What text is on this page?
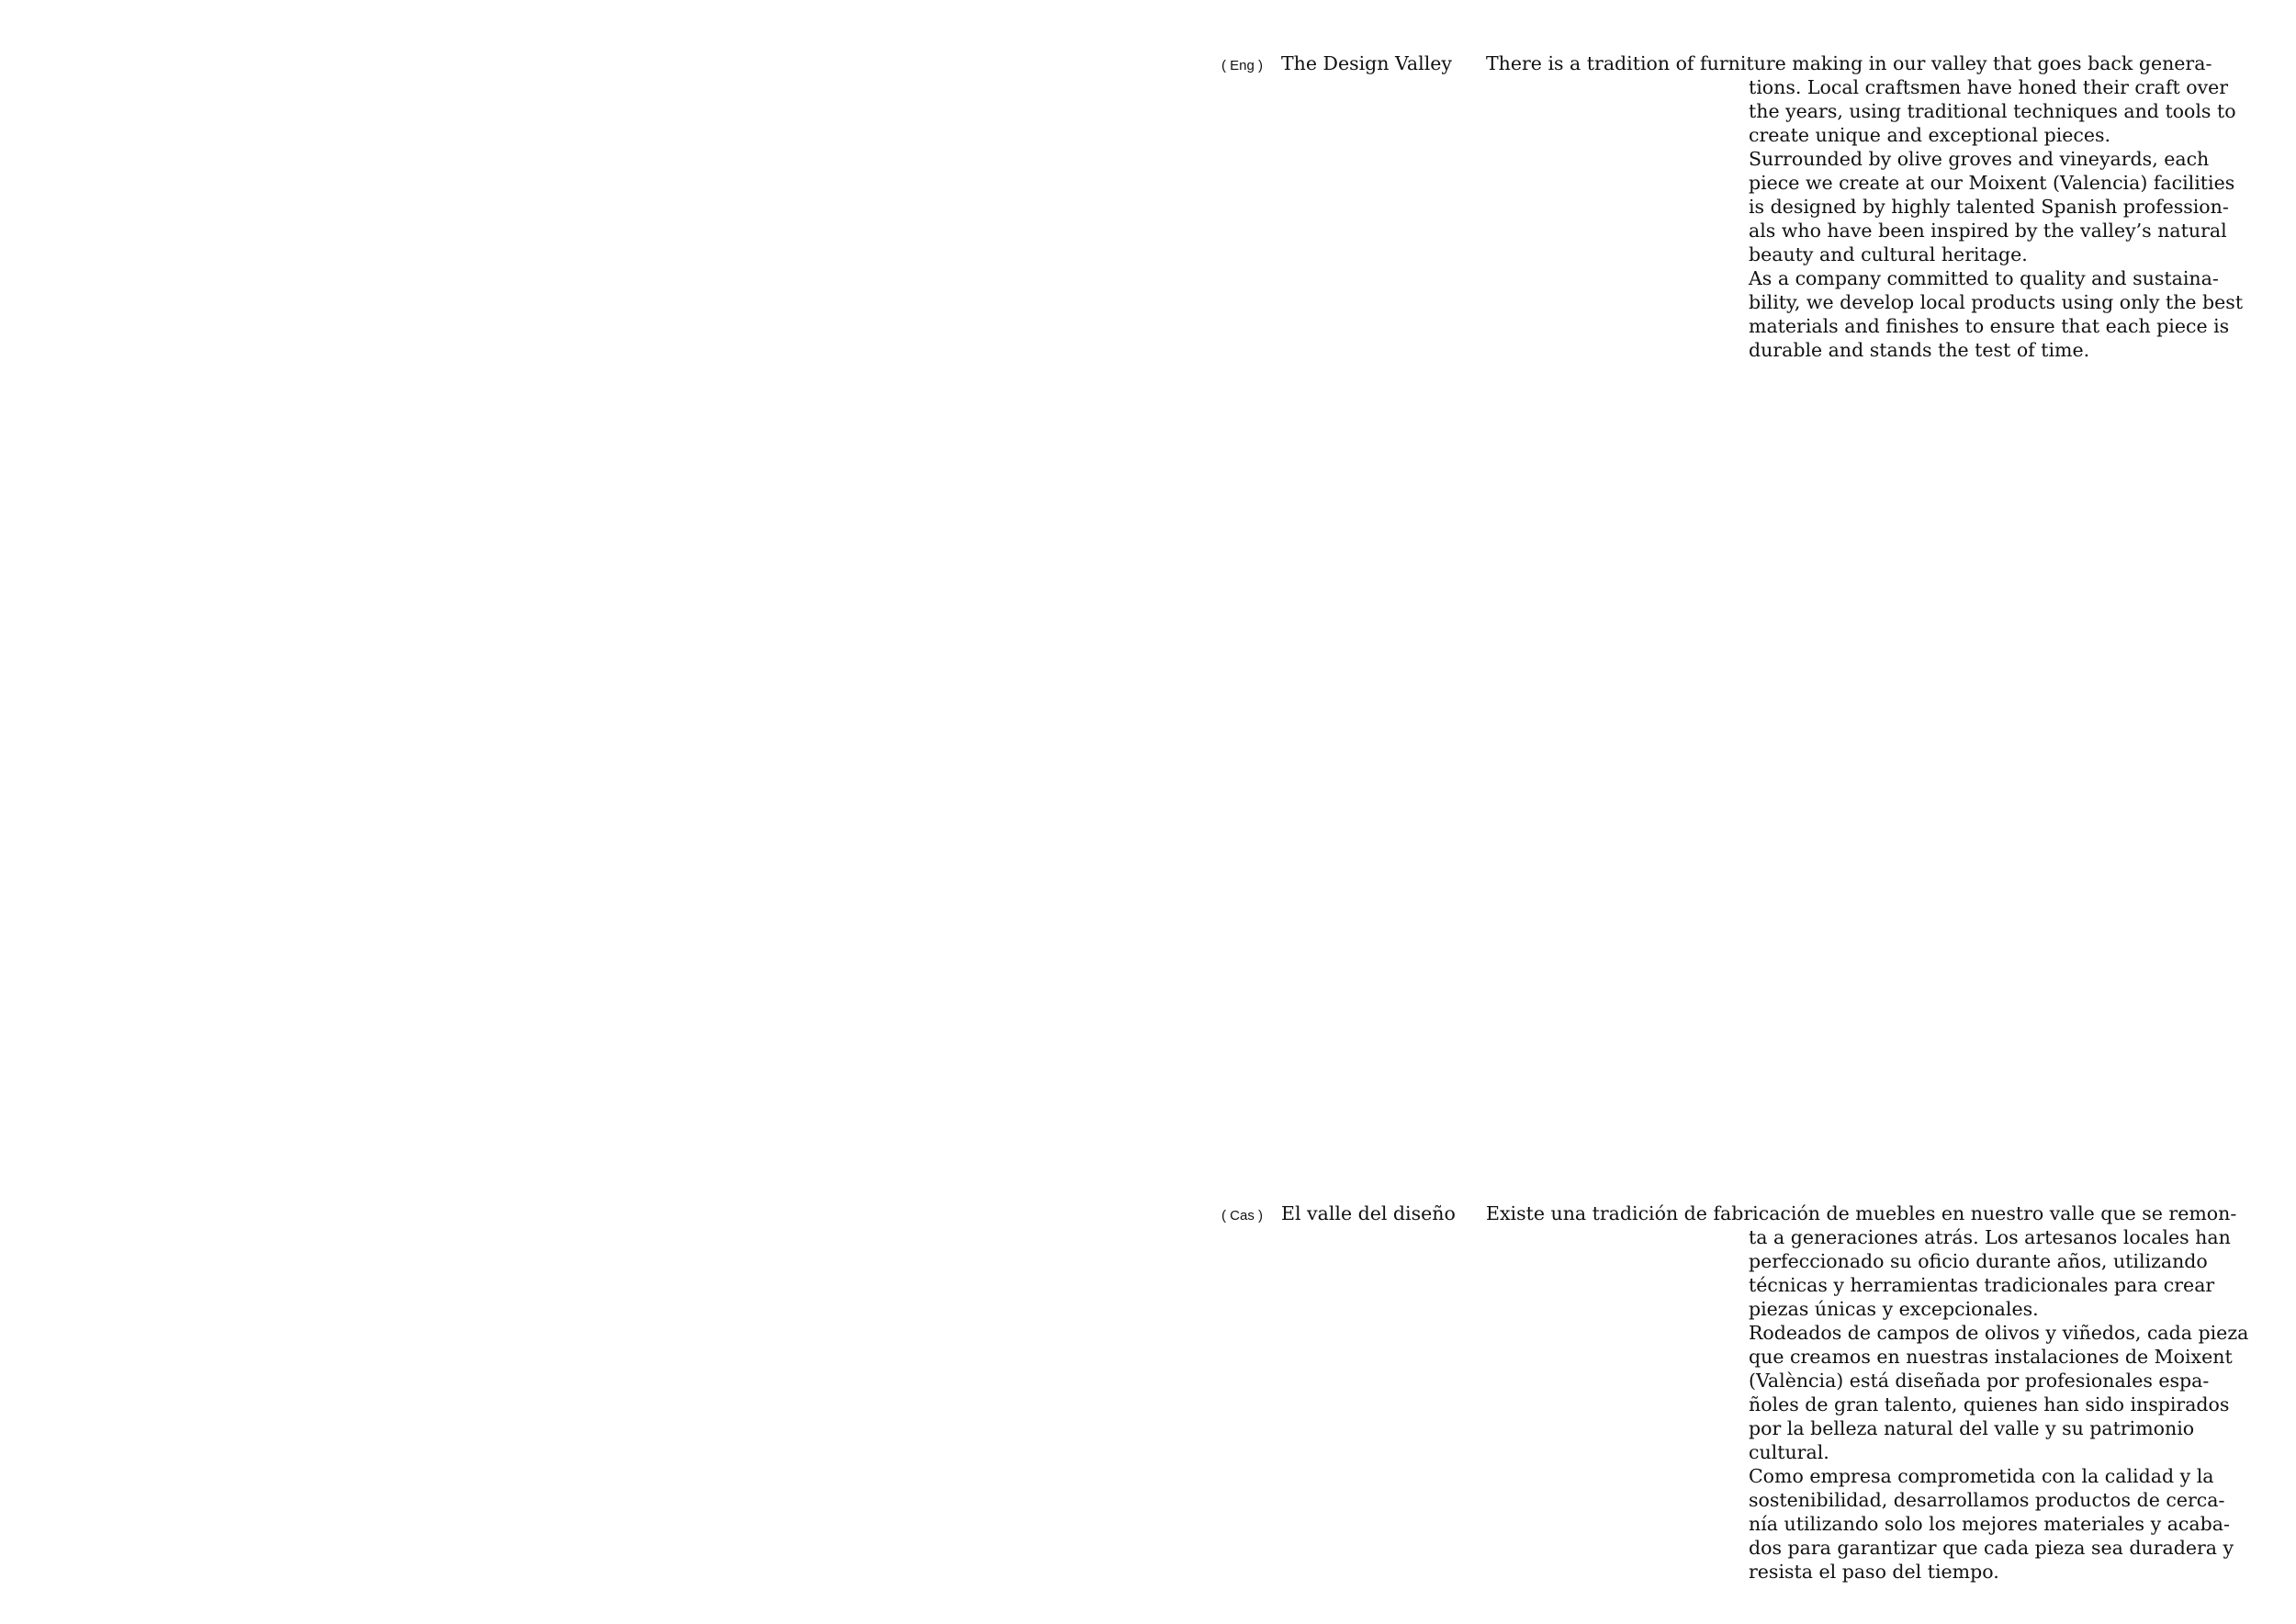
( Eng ) The Design Valley There is a tradition of furniture making in our valley that goes back genera-
tions. Local craftsmen have honed their craft over
the years, using traditional techniques and tools to
create unique and exceptional pieces.
Surrounded by olive groves and vineyards, each
piece we create at our Moixent (Valencia) facilities
is designed by highly talented Spanish profession-
als who have been inspired by the valley’s natural
beauty and cultural heritage.
As a company committed to quality and sustaina-
bility, we develop local products using only the best
materials and finishes to ensure that each piece is
durable and stands the test of time.
( Cas ) El valle del diseño Existe una tradición de fabricación de muebles en nuestro valle que se remon-
ta a generaciones atrás. Los artesanos locales han
perfeccionado su oficio durante años, utilizando
técnicas y herramientas tradicionales para crear
piezas únicas y excepcionales.
Rodeados de campos de olivos y viñedos, cada pieza
que creamos en nuestras instalaciones de Moixent
(València) está diseñada por profesionales espa-
ñoles de gran talento, quienes han sido inspirados
por la belleza natural del valle y su patrimonio
cultural.
Como empresa comprometida con la calidad y la
sostenibilidad, desarrollamos productos de cerca-
nía utilizando solo los mejores materiales y acaba-
dos para garantizar que cada pieza sea duradera y
resista el paso del tiempo.
